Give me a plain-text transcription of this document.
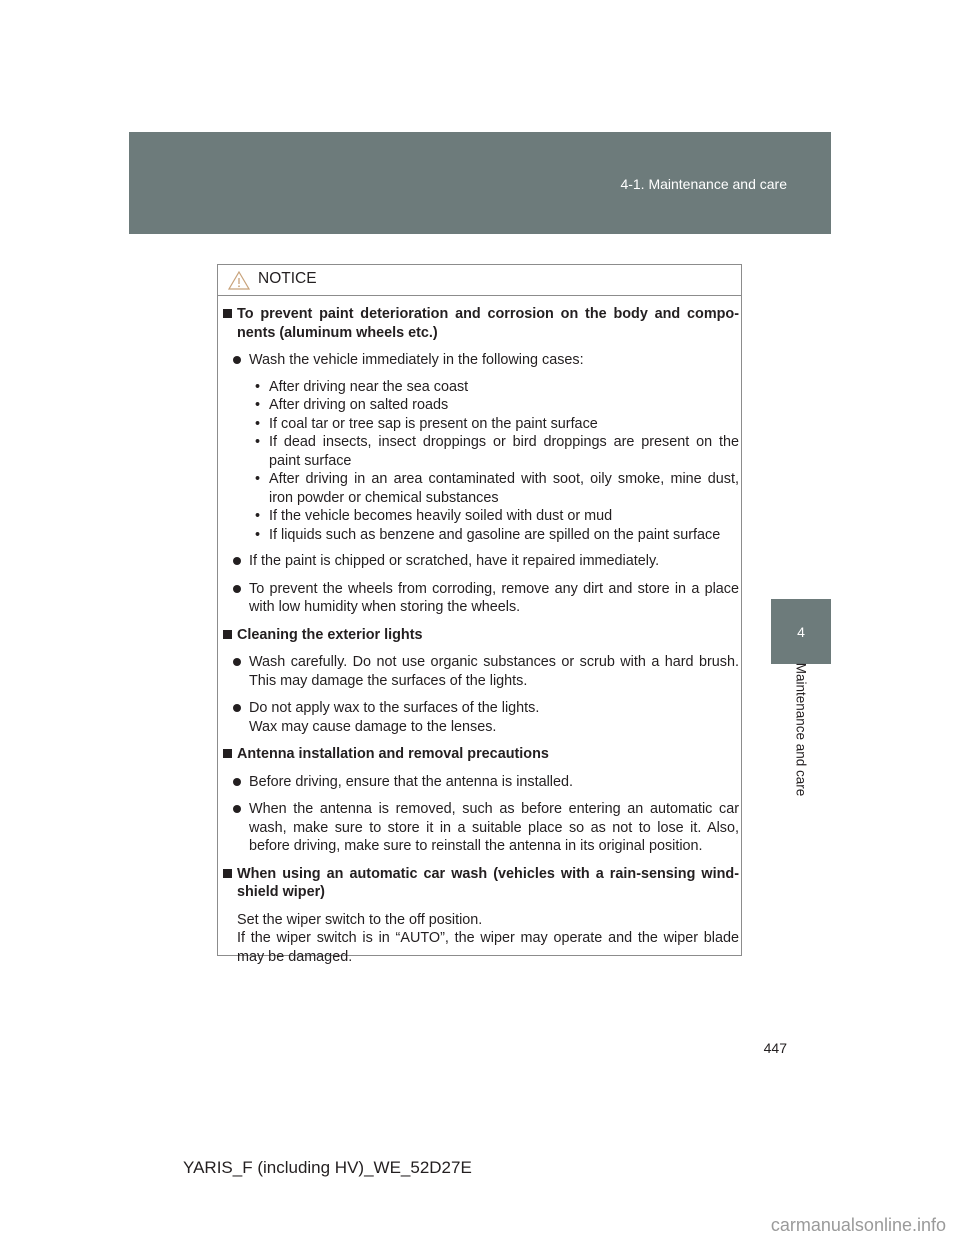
4-1. Maintenance and care
4
Maintenance and care
NOTICE
To prevent paint deterioration and corrosion on the body and compo-nents (aluminum wheels etc.)
Wash the vehicle immediately in the following cases:
• After driving near the sea coast
• After driving on salted roads
• If coal tar or tree sap is present on the paint surface
• If dead insects, insect droppings or bird droppings are present on the paint surface
• After driving in an area contaminated with soot, oily smoke, mine dust, iron powder or chemical substances
• If the vehicle becomes heavily soiled with dust or mud
• If liquids such as benzene and gasoline are spilled on the paint surface
If the paint is chipped or scratched, have it repaired immediately.
To prevent the wheels from corroding, remove any dirt and store in a place with low humidity when storing the wheels.
Cleaning the exterior lights
Wash carefully. Do not use organic substances or scrub with a hard brush. This may damage the surfaces of the lights.
Do not apply wax to the surfaces of the lights.
Wax may cause damage to the lenses.
Antenna installation and removal precautions
Before driving, ensure that the antenna is installed.
When the antenna is removed, such as before entering an automatic car wash, make sure to store it in a suitable place so as not to lose it. Also, before driving, make sure to reinstall the antenna in its original position.
When using an automatic car wash (vehicles with a rain-sensing wind-shield wiper)
Set the wiper switch to the off position.
If the wiper switch is in “AUTO”, the wiper may operate and the wiper blade may be damaged.
447
YARIS_F (including HV)_WE_52D27E
carmanualsonline.info
